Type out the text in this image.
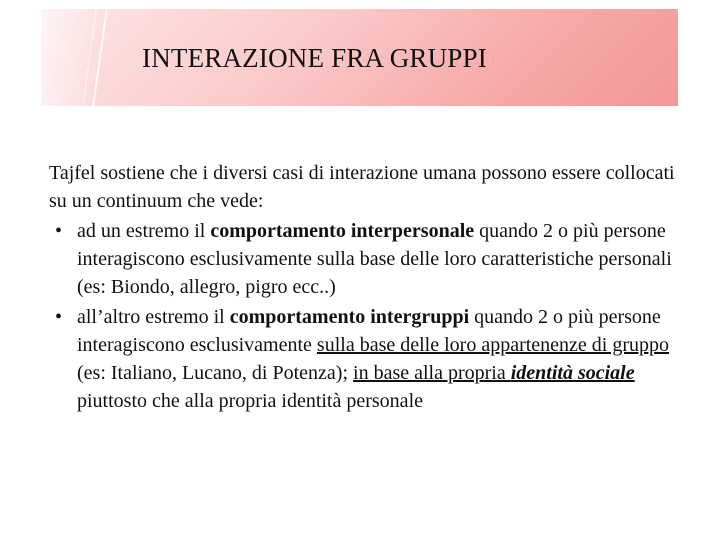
INTERAZIONE FRA GRUPPI

Tajfel sostiene che i diversi casi di interazione umana possono essere collocati su un continuum che vede:

• ad un estremo il comportamento interpersonale quando 2 o più persone interagiscono esclusivamente sulla base delle loro caratteristiche personali (es: Biondo, allegro, pigro ecc..)
• all’altro estremo il comportamento intergruppi quando 2 o più persone interagiscono esclusivamente sulla base delle loro appartenenze di gruppo (es: Italiano, Lucano, di Potenza); in base alla propria identità sociale piuttosto che alla propria identità personale
